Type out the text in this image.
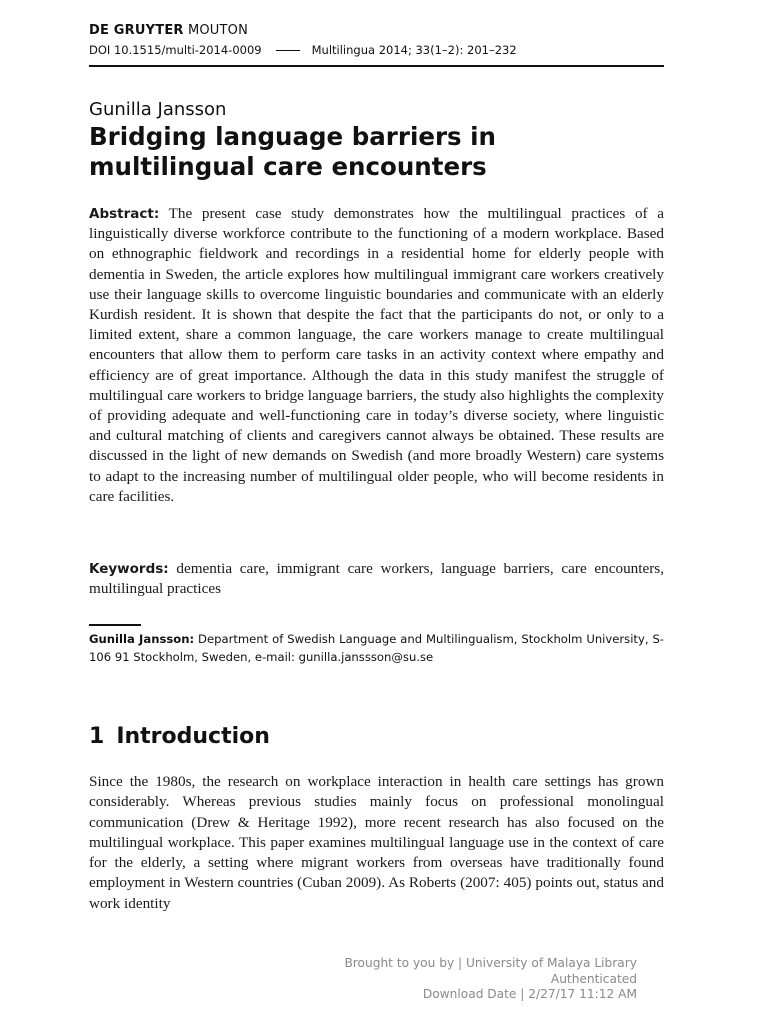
DE GRUYTER MOUTON
DOI 10.1515/multi-2014-0009	Multilingua 2014; 33(1–2): 201–232
Gunilla Jansson
Bridging language barriers in multilingual care encounters

Abstract: The present case study demonstrates how the multilingual practices of a linguistically diverse workforce contribute to the functioning of a modern workplace. Based on ethnographic fieldwork and recordings in a residential home for elderly people with dementia in Sweden, the article explores how multilingual immigrant care workers creatively use their language skills to overcome linguistic boundaries and communicate with an elderly Kurdish resident. It is shown that despite the fact that the participants do not, or only to a limited extent, share a common language, the care workers manage to create multilingual encounters that allow them to perform care tasks in an activity context where empathy and efficiency are of great importance. Although the data in this study manifest the struggle of multilingual care workers to bridge language barriers, the study also highlights the complexity of providing adequate and well-functioning care in today’s diverse society, where linguistic and cultural matching of clients and caregivers cannot always be obtained. These results are discussed in the light of new demands on Swedish (and more broadly Western) care systems to adapt to the increasing number of multilingual older people, who will become residents in care facilities.

Keywords: dementia care, immigrant care workers, language barriers, care encounters, multilingual practices

Gunilla Jansson: Department of Swedish Language and Multilingualism, Stockholm University, S-106 91 Stockholm, Sweden, e-mail: gunilla.janssson@su.se

1 Introduction

Since the 1980s, the research on workplace interaction in health care settings has grown considerably. Whereas previous studies mainly focus on professional monolingual communication (Drew & Heritage 1992), more recent research has also focused on the multilingual workplace. This paper examines multilingual language use in the context of care for the elderly, a setting where migrant workers from overseas have traditionally found employment in Western countries (Cuban 2009). As Roberts (2007: 405) points out, status and work identity

Brought to you by | University of Malaya Library
Authenticated
Download Date | 2/27/17 11:12 AM
